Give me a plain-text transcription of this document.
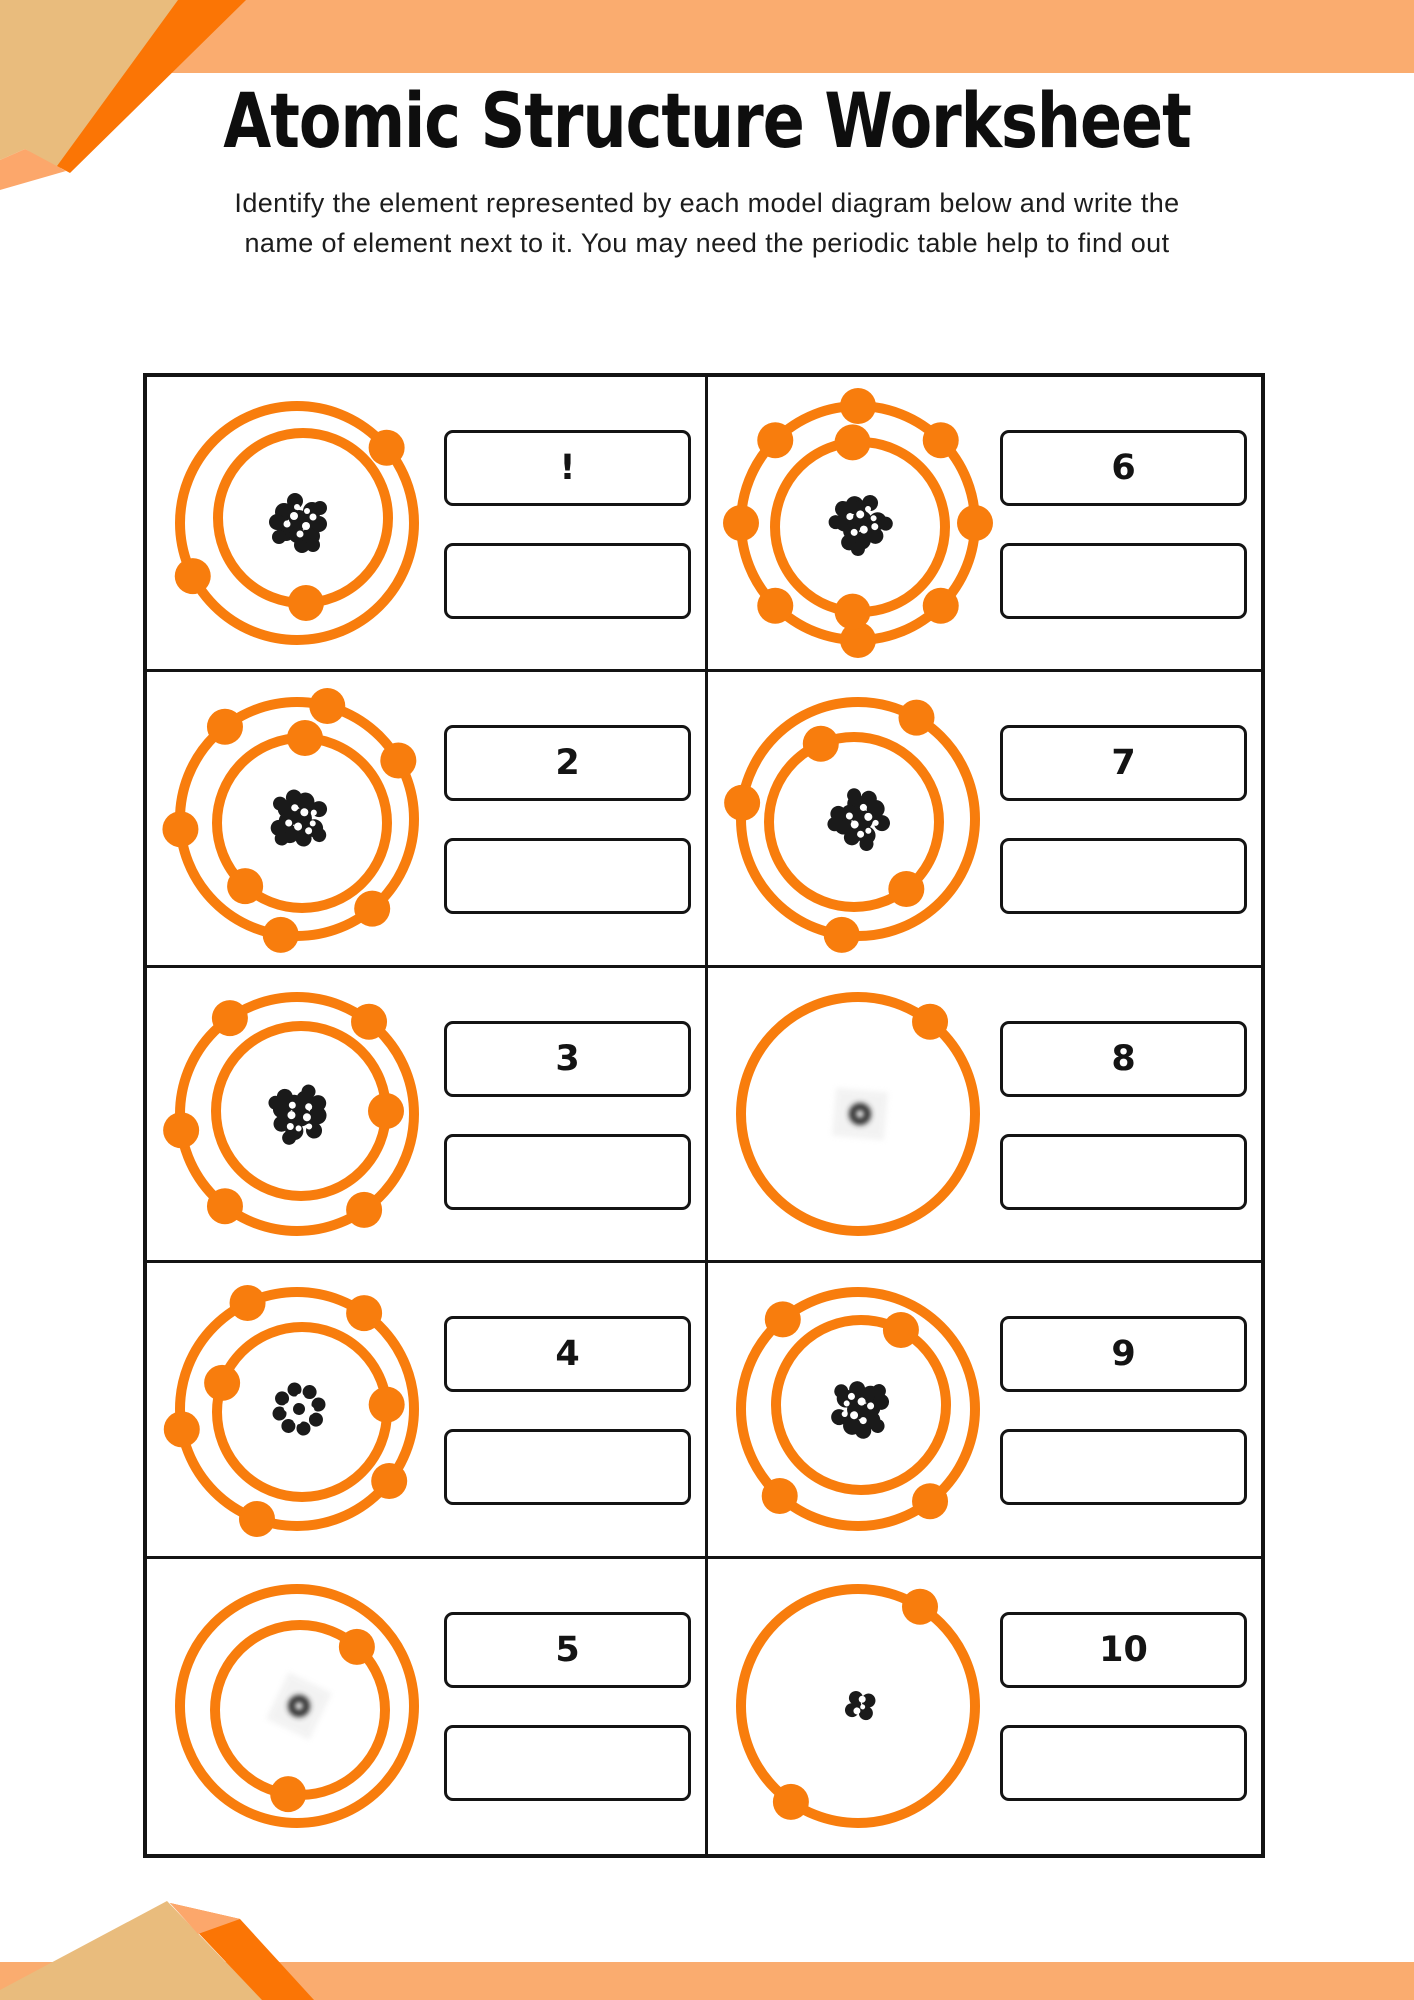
Atomic Structure Worksheet

Identify the element represented by each model diagram below and write the
name of element next to it. You may need the periodic table help to find out

!	6
2	7
3	8
4	9
5	10
